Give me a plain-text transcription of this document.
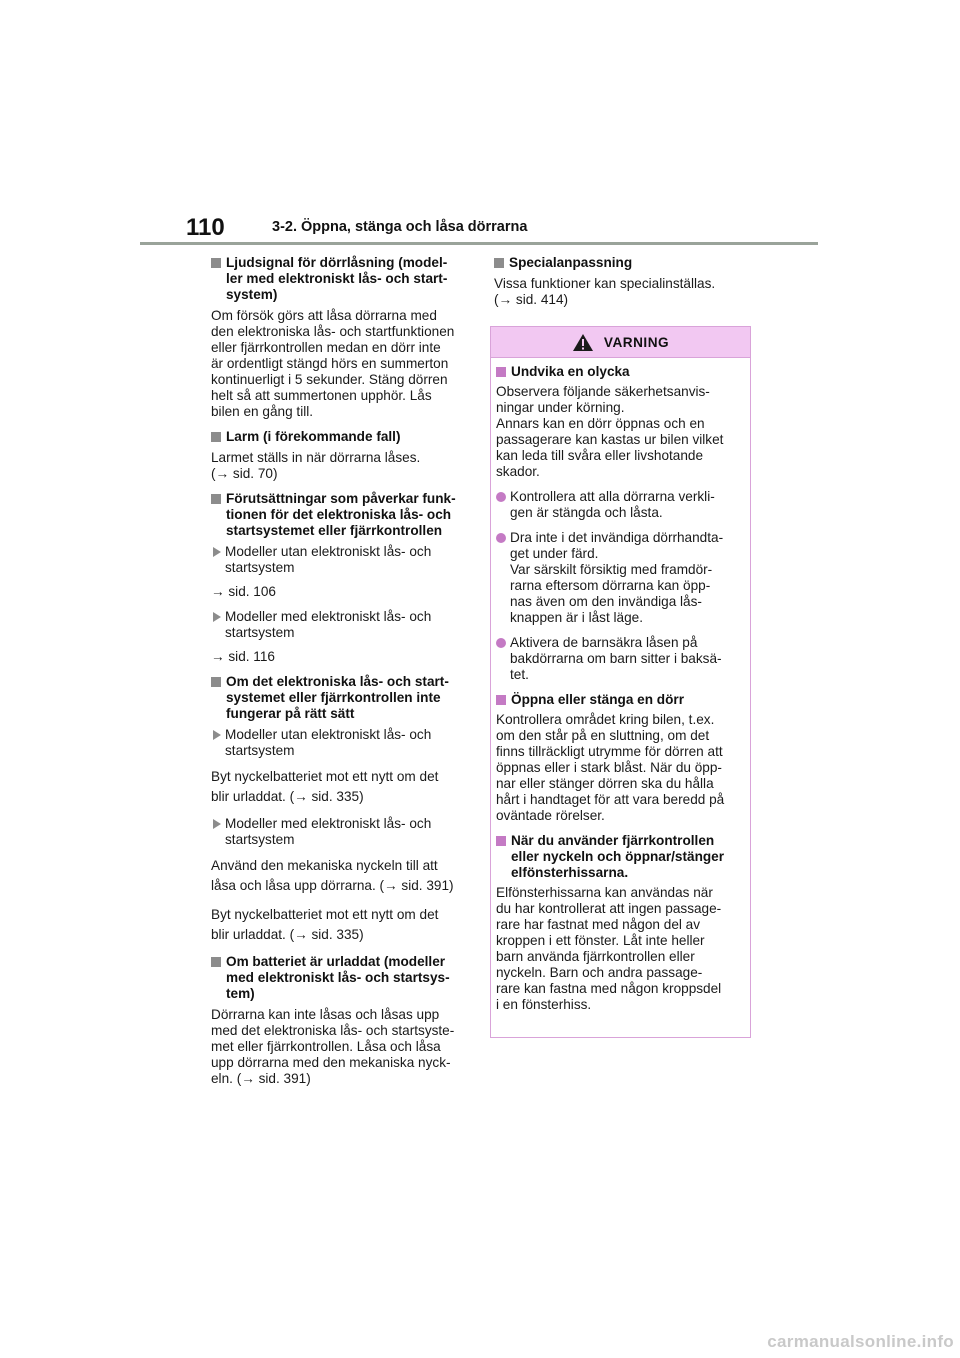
110	3-2. Öppna, stänga och låsa dörrarna
Ljudsignal för dörrlåsning (model-
ler med elektroniskt lås- och start-
system)
Om försök görs att låsa dörrarna med
den elektroniska lås- och startfunktionen
eller fjärrkontrollen medan en dörr inte
är ordentligt stängd hörs en summerton
kontinuerligt i 5 sekunder. Stäng dörren
helt så att summertonen upphör. Lås
bilen en gång till.
Larm (i förekommande fall)
Larmet ställs in när dörrarna låses.
(→ sid. 70)
Förutsättningar som påverkar funk-
tionen för det elektroniska lås- och
startsystemet eller fjärrkontrollen
Modeller utan elektroniskt lås- och
startsystem
→ sid. 106
Modeller med elektroniskt lås- och
startsystem
→ sid. 116
Om det elektroniska lås- och start-
systemet eller fjärrkontrollen inte
fungerar på rätt sätt
Modeller utan elektroniskt lås- och
startsystem
Byt nyckelbatteriet mot ett nytt om det
blir urladdat. (→ sid. 335)
Modeller med elektroniskt lås- och
startsystem
Använd den mekaniska nyckeln till att
låsa och låsa upp dörrarna. (→ sid. 391)
Byt nyckelbatteriet mot ett nytt om det
blir urladdat. (→ sid. 335)
Om batteriet är urladdat (modeller
med elektroniskt lås- och startsys-
tem)
Dörrarna kan inte låsas och låsas upp
med det elektroniska lås- och startsyste-
met eller fjärrkontrollen. Låsa och låsa
upp dörrarna med den mekaniska nyck-
eln. (→ sid. 391)
Specialanpassning
Vissa funktioner kan specialinställas.
(→ sid. 414)
VARNING
Undvika en olycka
Observera följande säkerhetsanvis-
ningar under körning.
Annars kan en dörr öppnas och en
passagerare kan kastas ur bilen vilket
kan leda till svåra eller livshotande
skador.
Kontrollera att alla dörrarna verkli-
gen är stängda och låsta.
Dra inte i det invändiga dörrhandta-
get under färd.
Var särskilt försiktig med framdör-
rarna eftersom dörrarna kan öpp-
nas även om den invändiga lås-
knappen är i låst läge.
Aktivera de barnsäkra låsen på
bakdörrarna om barn sitter i baksä-
tet.
Öppna eller stänga en dörr
Kontrollera området kring bilen, t.ex.
om den står på en sluttning, om det
finns tillräckligt utrymme för dörren att
öppnas eller i stark blåst. När du öpp-
nar eller stänger dörren ska du hålla
hårt i handtaget för att vara beredd på
oväntade rörelser.
När du använder fjärrkontrollen
eller nyckeln och öppnar/stänger
elfönsterhissarna.
Elfönsterhissarna kan användas när
du har kontrollerat att ingen passage-
rare har fastnat med någon del av
kroppen i ett fönster. Låt inte heller
barn använda fjärrkontrollen eller
nyckeln. Barn och andra passage-
rare kan fastna med någon kroppsdel
i en fönsterhiss.
carmanualsonline.info
